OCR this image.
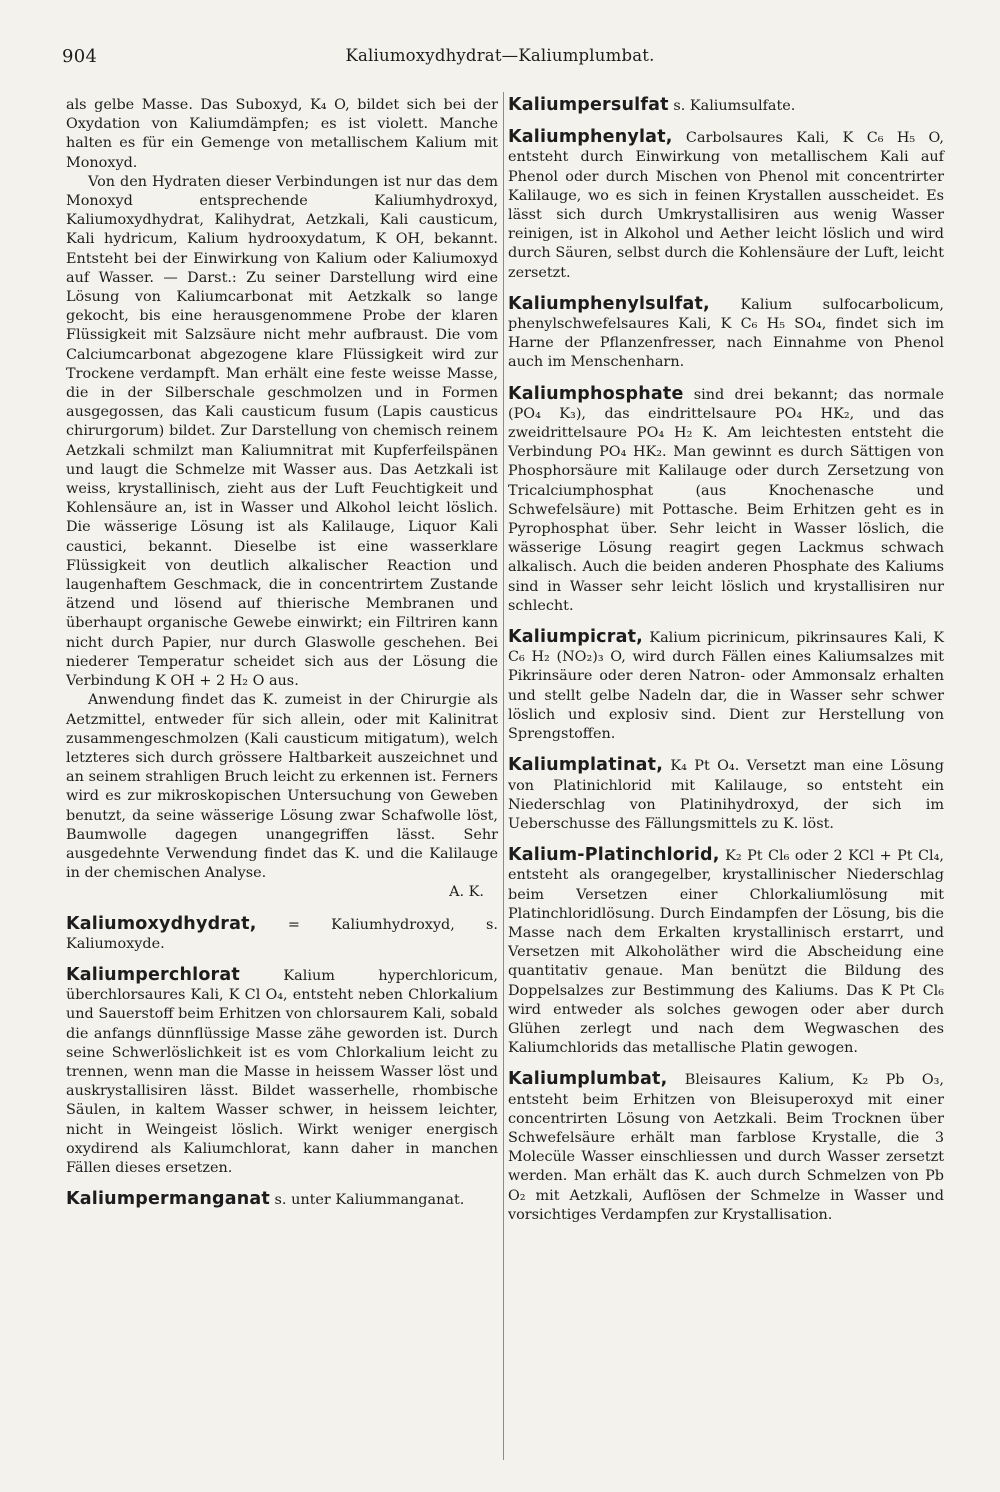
904	Kaliumoxydhydrat—Kaliumplumbat.

als gelbe Masse. Das Suboxyd, K₄ O, bildet sich bei der Oxydation von Kaliumdämpfen; es ist violett. Manche halten es für ein Gemenge von metallischem Kalium mit Monoxyd.

Von den Hydraten dieser Verbindungen ist nur das dem Monoxyd entsprechende Kaliumhydroxyd, Kaliumoxydhydrat, Kalihydrat, Aetzkali, Kali causticum, Kali hydricum, Kalium hydrooxydatum, K OH, bekannt. Entsteht bei der Einwirkung von Kalium oder Kaliumoxyd auf Wasser. — Darst.: Zu seiner Darstellung wird eine Lösung von Kaliumcarbonat mit Aetzkalk so lange gekocht, bis eine herausgenommene Probe der klaren Flüssigkeit mit Salzsäure nicht mehr aufbraust. Die vom Calciumcarbonat abgezogene klare Flüssigkeit wird zur Trockene verdampft. Man erhält eine feste weisse Masse, die in der Silberschale geschmolzen und in Formen ausgegossen, das Kali causticum fusum (Lapis causticus chirurgorum) bildet. Zur Darstellung von chemisch reinem Aetzkali schmilzt man Kaliumnitrat mit Kupferfeilspänen und laugt die Schmelze mit Wasser aus. Das Aetzkali ist weiss, krystallinisch, zieht aus der Luft Feuchtigkeit und Kohlensäure an, ist in Wasser und Alkohol leicht löslich. Die wässerige Lösung ist als Kalilauge, Liquor Kali caustici, bekannt. Dieselbe ist eine wasserklare Flüssigkeit von deutlich alkalischer Reaction und laugenhaftem Geschmack, die in concentrirtem Zustande ätzend und lösend auf thierische Membranen und überhaupt organische Gewebe einwirkt; ein Filtriren kann nicht durch Papier, nur durch Glaswolle geschehen. Bei niederer Temperatur scheidet sich aus der Lösung die Verbindung K OH + 2 H₂ O aus.

Anwendung findet das K. zumeist in der Chirurgie als Aetzmittel, entweder für sich allein, oder mit Kalinitrat zusammengeschmolzen (Kali causticum mitigatum), welch letzteres sich durch grössere Haltbarkeit auszeichnet und an seinem strahligen Bruch leicht zu erkennen ist. Ferners wird es zur mikroskopischen Untersuchung von Geweben benutzt, da seine wässerige Lösung zwar Schafwolle löst, Baumwolle dagegen unangegriffen lässt. Sehr ausgedehnte Verwendung findet das K. und die Kalilauge in der chemischen Analyse.

A. K.

Kaliumoxydhydrat, = Kaliumhydroxyd, s. Kaliumoxyde.
Kaliumperchlorat Kalium hyperchloricum, überchlorsaures Kali, K Cl O₄, entsteht neben Chlorkalium und Sauerstoff beim Erhitzen von chlorsaurem Kali, sobald die anfangs dünnflüssige Masse zähe geworden ist. Durch seine Schwerlöslichkeit ist es vom Chlorkalium leicht zu trennen, wenn man die Masse in heissem Wasser löst und auskrystallisiren lässt. Bildet wasserhelle, rhombische Säulen, in kaltem Wasser schwer, in heissem leichter, nicht in Weingeist löslich. Wirkt weniger energisch oxydirend als Kaliumchlorat, kann daher in manchen Fällen dieses ersetzen.
Kaliumpermanganat s. unter Kaliummanganat.
Kaliumpersulfat s. Kaliumsulfate.
Kaliumphenylat, Carbolsaures Kali, K C₆ H₅ O, entsteht durch Einwirkung von metallischem Kali auf Phenol oder durch Mischen von Phenol mit concentrirter Kalilauge, wo es sich in feinen Krystallen ausscheidet. Es lässt sich durch Umkrystallisiren aus wenig Wasser reinigen, ist in Alkohol und Aether leicht löslich und wird durch Säuren, selbst durch die Kohlensäure der Luft, leicht zersetzt.
Kaliumphenylsulfat, Kalium sulfocarbolicum, phenylschwefelsaures Kali, K C₆ H₅ SO₄, findet sich im Harne der Pflanzenfresser, nach Einnahme von Phenol auch im Menschenharn.
Kaliumphosphate sind drei bekannt; das normale (PO₄ K₃), das eindrittelsaure PO₄ HK₂, und das zweidrittelsaure PO₄ H₂ K. Am leichtesten entsteht die Verbindung PO₄ HK₂. Man gewinnt es durch Sättigen von Phosphorsäure mit Kalilauge oder durch Zersetzung von Tricalciumphosphat (aus Knochenasche und Schwefelsäure) mit Pottasche. Beim Erhitzen geht es in Pyrophosphat über. Sehr leicht in Wasser löslich, die wässerige Lösung reagirt gegen Lackmus schwach alkalisch. Auch die beiden anderen Phosphate des Kaliums sind in Wasser sehr leicht löslich und krystallisiren nur schlecht.
Kaliumpicrat, Kalium picrinicum, pikrinsaures Kali, K C₆ H₂ (NO₂)₃ O, wird durch Fällen eines Kaliumsalzes mit Pikrinsäure oder deren Natron- oder Ammonsalz erhalten und stellt gelbe Nadeln dar, die in Wasser sehr schwer löslich und explosiv sind. Dient zur Herstellung von Sprengstoffen.
Kaliumplatinat, K₄ Pt O₄. Versetzt man eine Lösung von Platinichlorid mit Kalilauge, so entsteht ein Niederschlag von Platinihydroxyd, der sich im Ueberschusse des Fällungsmittels zu K. löst.
Kalium-Platinchlorid, K₂ Pt Cl₆ oder 2 KCl + Pt Cl₄, entsteht als orangegelber, krystallinischer Niederschlag beim Versetzen einer Chlorkaliumlösung mit Platinchloridlösung. Durch Eindampfen der Lösung, bis die Masse nach dem Erkalten krystallinisch erstarrt, und Versetzen mit Alkoholäther wird die Abscheidung eine quantitativ genaue. Man benützt die Bildung des Doppelsalzes zur Bestimmung des Kaliums. Das K Pt Cl₆ wird entweder als solches gewogen oder aber durch Glühen zerlegt und nach dem Wegwaschen des Kaliumchlorids das metallische Platin gewogen.
Kaliumplumbat, Bleisaures Kalium, K₂ Pb O₃, entsteht beim Erhitzen von Bleisuperoxyd mit einer concentrirten Lösung von Aetzkali. Beim Trocknen über Schwefelsäure erhält man farblose Krystalle, die 3 Molecüle Wasser einschliessen und durch Wasser zersetzt werden. Man erhält das K. auch durch Schmelzen von Pb O₂ mit Aetzkali, Auflösen der Schmelze in Wasser und vorsichtiges Verdampfen zur Krystallisation.
